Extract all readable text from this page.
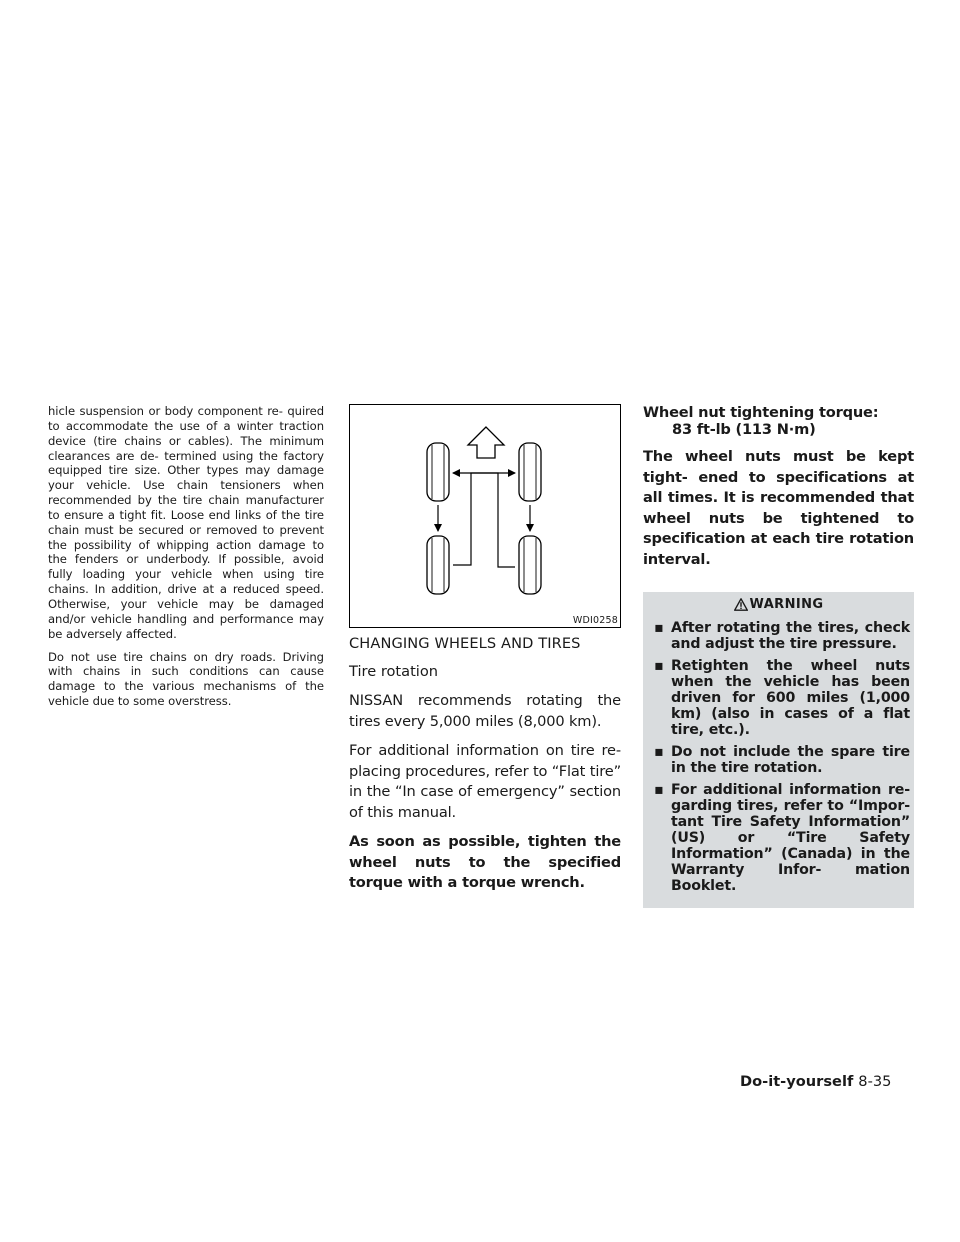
hicle suspension or body component re- quired to accommodate the use of a winter traction device (tire chains or cables). The minimum clearances are de- termined using the factory equipped tire size. Other types may damage your vehicle. Use chain tensioners when recommended by the tire chain manufacturer to ensure a tight fit. Loose end links of the tire chain must be secured or removed to prevent the possibility of whipping action damage to the fenders or underbody. If possible, avoid fully loading your vehicle when using tire chains. In addition, drive at a reduced speed. Otherwise, your vehicle may be damaged and/or vehicle handling and performance may be adversely affected.

Do not use tire chains on dry roads. Driving with chains in such conditions can cause damage to the various mechanisms of the vehicle due to some overstress.

WDI0258
CHANGING WHEELS AND TIRES
Tire rotation

NISSAN recommends rotating the tires every 5,000 miles (8,000 km).

For additional information on tire re- placing procedures, refer to “Flat tire” in the “In case of emergency” section of this manual.

As soon as possible, tighten the wheel nuts to the specified torque with a torque wrench.

Wheel nut tightening torque:

83 ft-lb (113 N·m)

The wheel nuts must be kept tight- ened to specifications at all times. It is recommended that wheel nuts be tightened to specification at each tire rotation interval.

WARNING
▪ After rotating the tires, check and adjust the tire pressure.
▪ Retighten the wheel nuts when the vehicle has been driven for 600 miles (1,000 km) (also in cases of a flat tire, etc.).
▪ Do not include the spare tire in the tire rotation.
▪ For additional information re- garding tires, refer to “Impor- tant Tire Safety Information” (US) or “Tire Safety Information” (Canada) in the Warranty Infor- mation Booklet.
Do-it-yourself 8-35
